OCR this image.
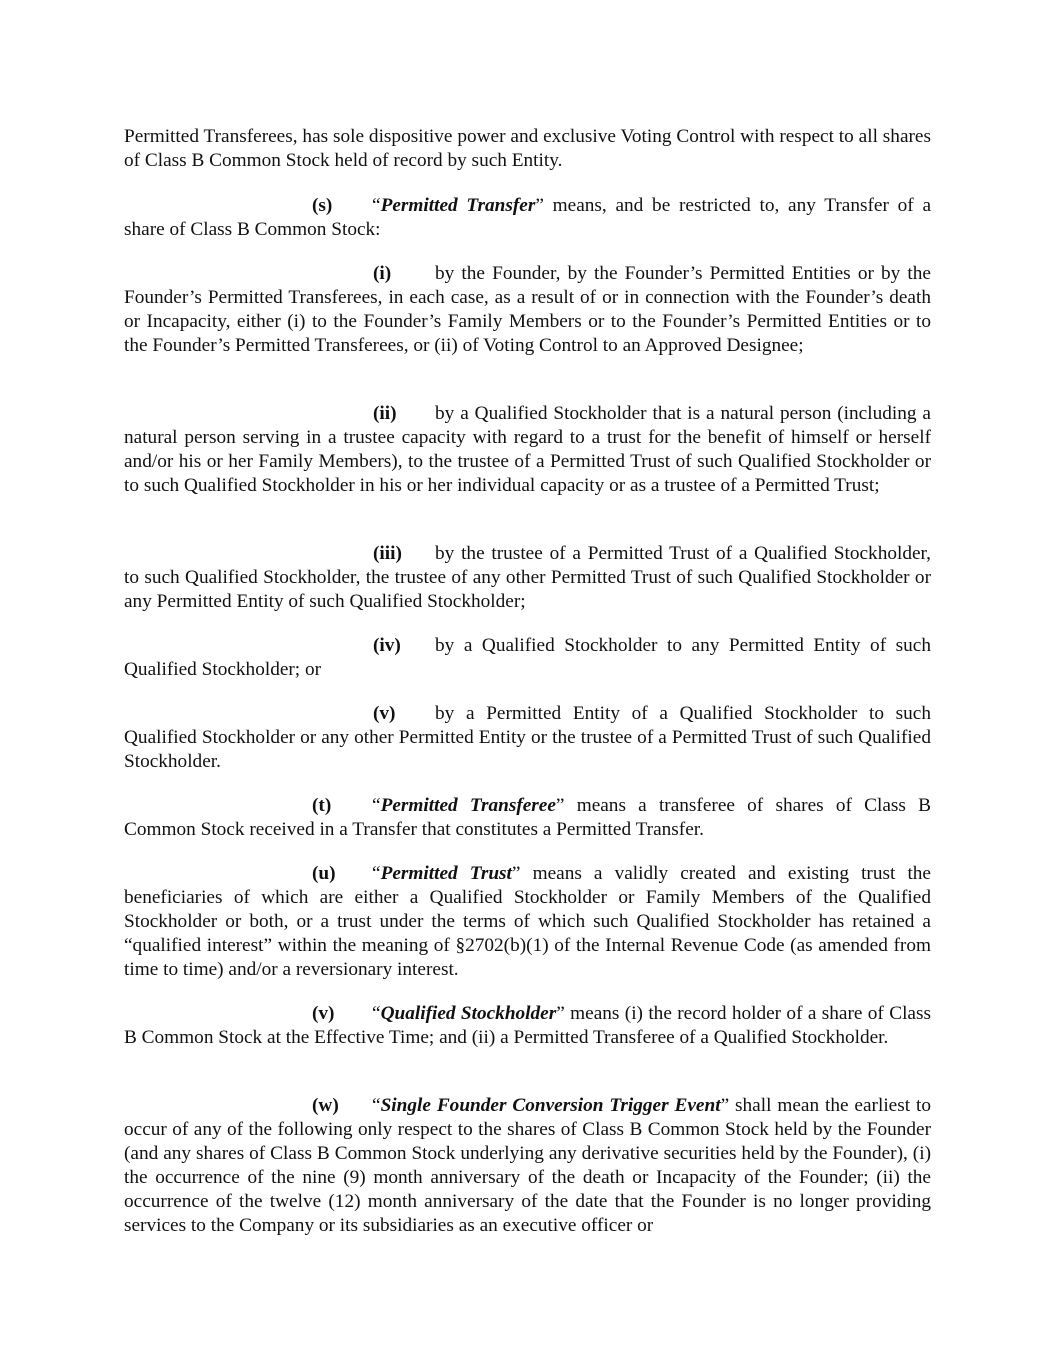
Permitted Transferees, has sole dispositive power and exclusive Voting Control with respect to all shares of Class B Common Stock held of record by such Entity.

(s) “Permitted Transfer” means, and be restricted to, any Transfer of a share of Class B Common Stock:

(i) by the Founder, by the Founder’s Permitted Entities or by the Founder’s Permitted Transferees, in each case, as a result of or in connection with the Founder’s death or Incapacity, either (i) to the Founder’s Family Members or to the Founder’s Permitted Entities or to the Founder’s Permitted Transferees, or (ii) of Voting Control to an Approved Designee;

(ii) by a Qualified Stockholder that is a natural person (including a natural person serving in a trustee capacity with regard to a trust for the benefit of himself or herself and/or his or her Family Members), to the trustee of a Permitted Trust of such Qualified Stockholder or to such Qualified Stockholder in his or her individual capacity or as a trustee of a Permitted Trust;

(iii) by the trustee of a Permitted Trust of a Qualified Stockholder, to such Qualified Stockholder, the trustee of any other Permitted Trust of such Qualified Stockholder or any Permitted Entity of such Qualified Stockholder;

(iv) by a Qualified Stockholder to any Permitted Entity of such Qualified Stockholder; or

(v) by a Permitted Entity of a Qualified Stockholder to such Qualified Stockholder or any other Permitted Entity or the trustee of a Permitted Trust of such Qualified Stockholder.

(t) “Permitted Transferee” means a transferee of shares of Class B Common Stock received in a Transfer that constitutes a Permitted Transfer.

(u) “Permitted Trust” means a validly created and existing trust the beneficiaries of which are either a Qualified Stockholder or Family Members of the Qualified Stockholder or both, or a trust under the terms of which such Qualified Stockholder has retained a “qualified interest” within the meaning of §2702(b)(1) of the Internal Revenue Code (as amended from time to time) and/or a reversionary interest.

(v) “Qualified Stockholder” means (i) the record holder of a share of Class B Common Stock at the Effective Time; and (ii) a Permitted Transferee of a Qualified Stockholder.

(w) “Single Founder Conversion Trigger Event” shall mean the earliest to occur of any of the following only respect to the shares of Class B Common Stock held by the Founder (and any shares of Class B Common Stock underlying any derivative securities held by the Founder), (i) the occurrence of the nine (9) month anniversary of the death or Incapacity of the Founder; (ii) the occurrence of the twelve (12) month anniversary of the date that the Founder is no longer providing services to the Company or its subsidiaries as an executive officer or
